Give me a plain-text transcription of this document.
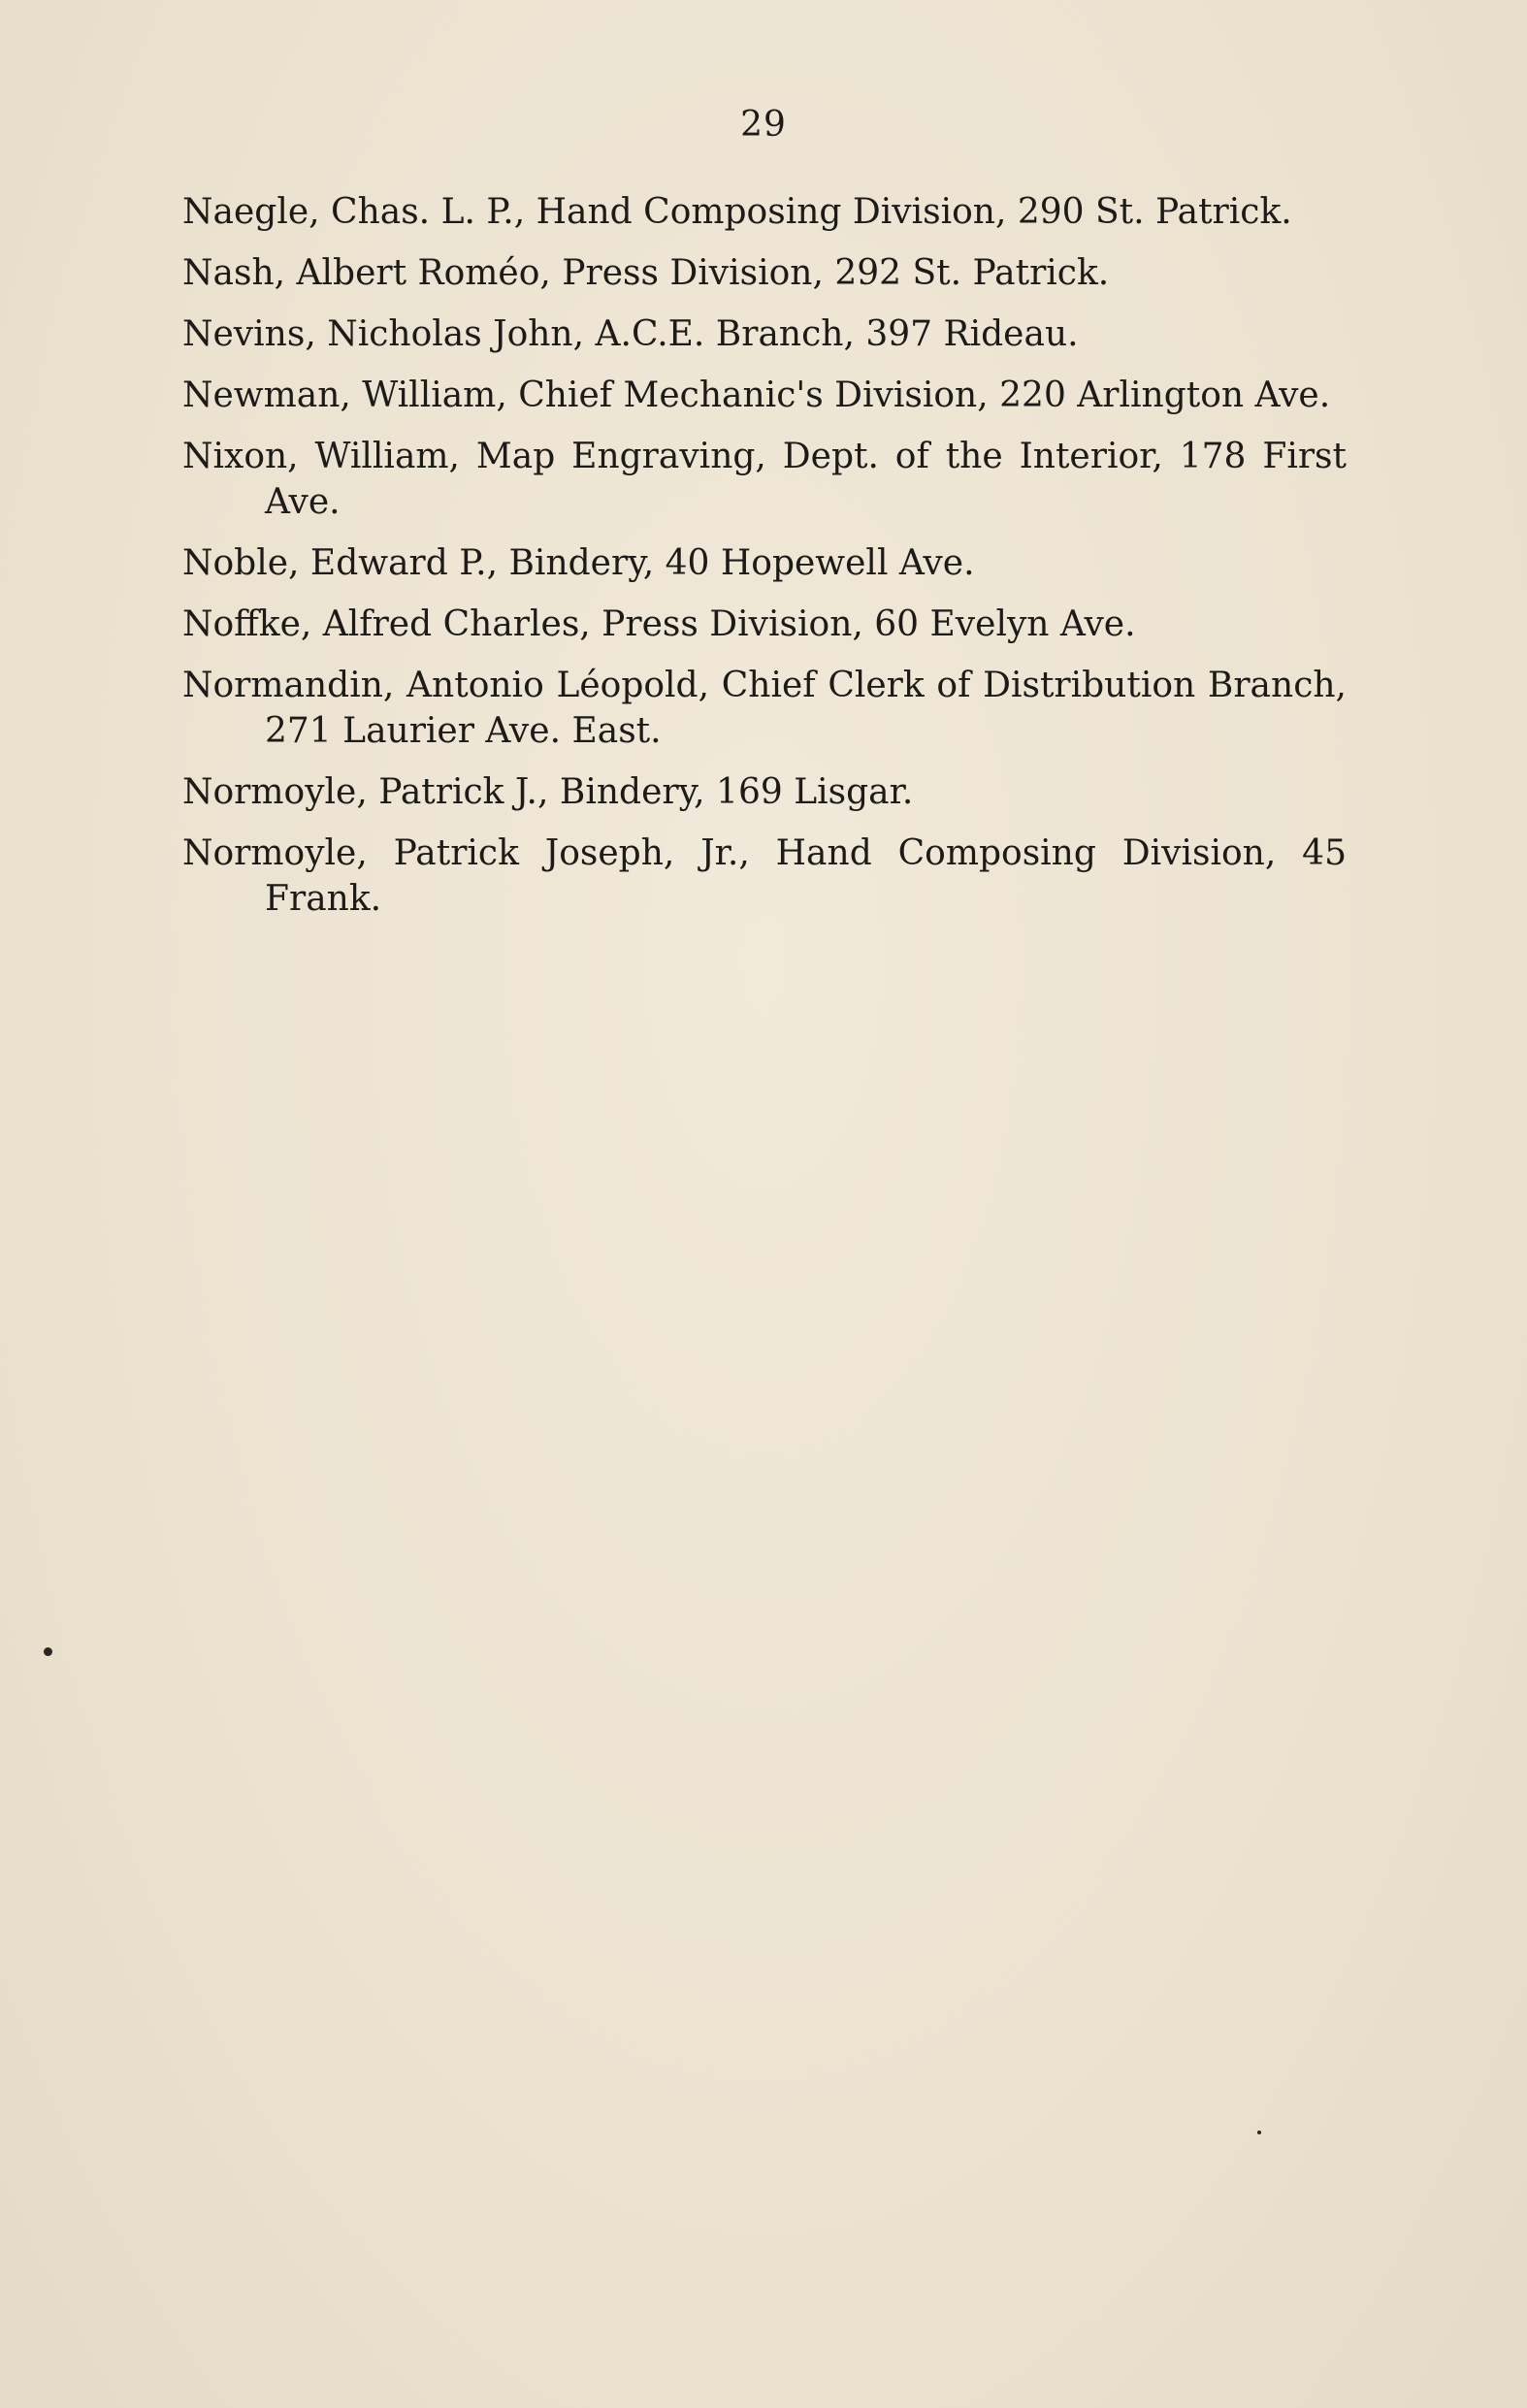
29
Naegle, Chas. L. P., Hand Composing Division, 290 St. Patrick.
Nash, Albert Roméo, Press Division, 292 St. Patrick.
Nevins, Nicholas John, A.C.E. Branch, 397 Rideau.
Newman, William, Chief Mechanic's Division, 220 Arlington Ave.
Nixon, William, Map Engraving, Dept. of the Interior, 178 First Ave.
Noble, Edward P., Bindery, 40 Hopewell Ave.
Noffke, Alfred Charles, Press Division, 60 Evelyn Ave.
Normandin, Antonio Léopold, Chief Clerk of Distribution Branch, 271 Laurier Ave. East.
Normoyle, Patrick J., Bindery, 169 Lisgar.
Normoyle, Patrick Joseph, Jr., Hand Composing Division, 45 Frank.
